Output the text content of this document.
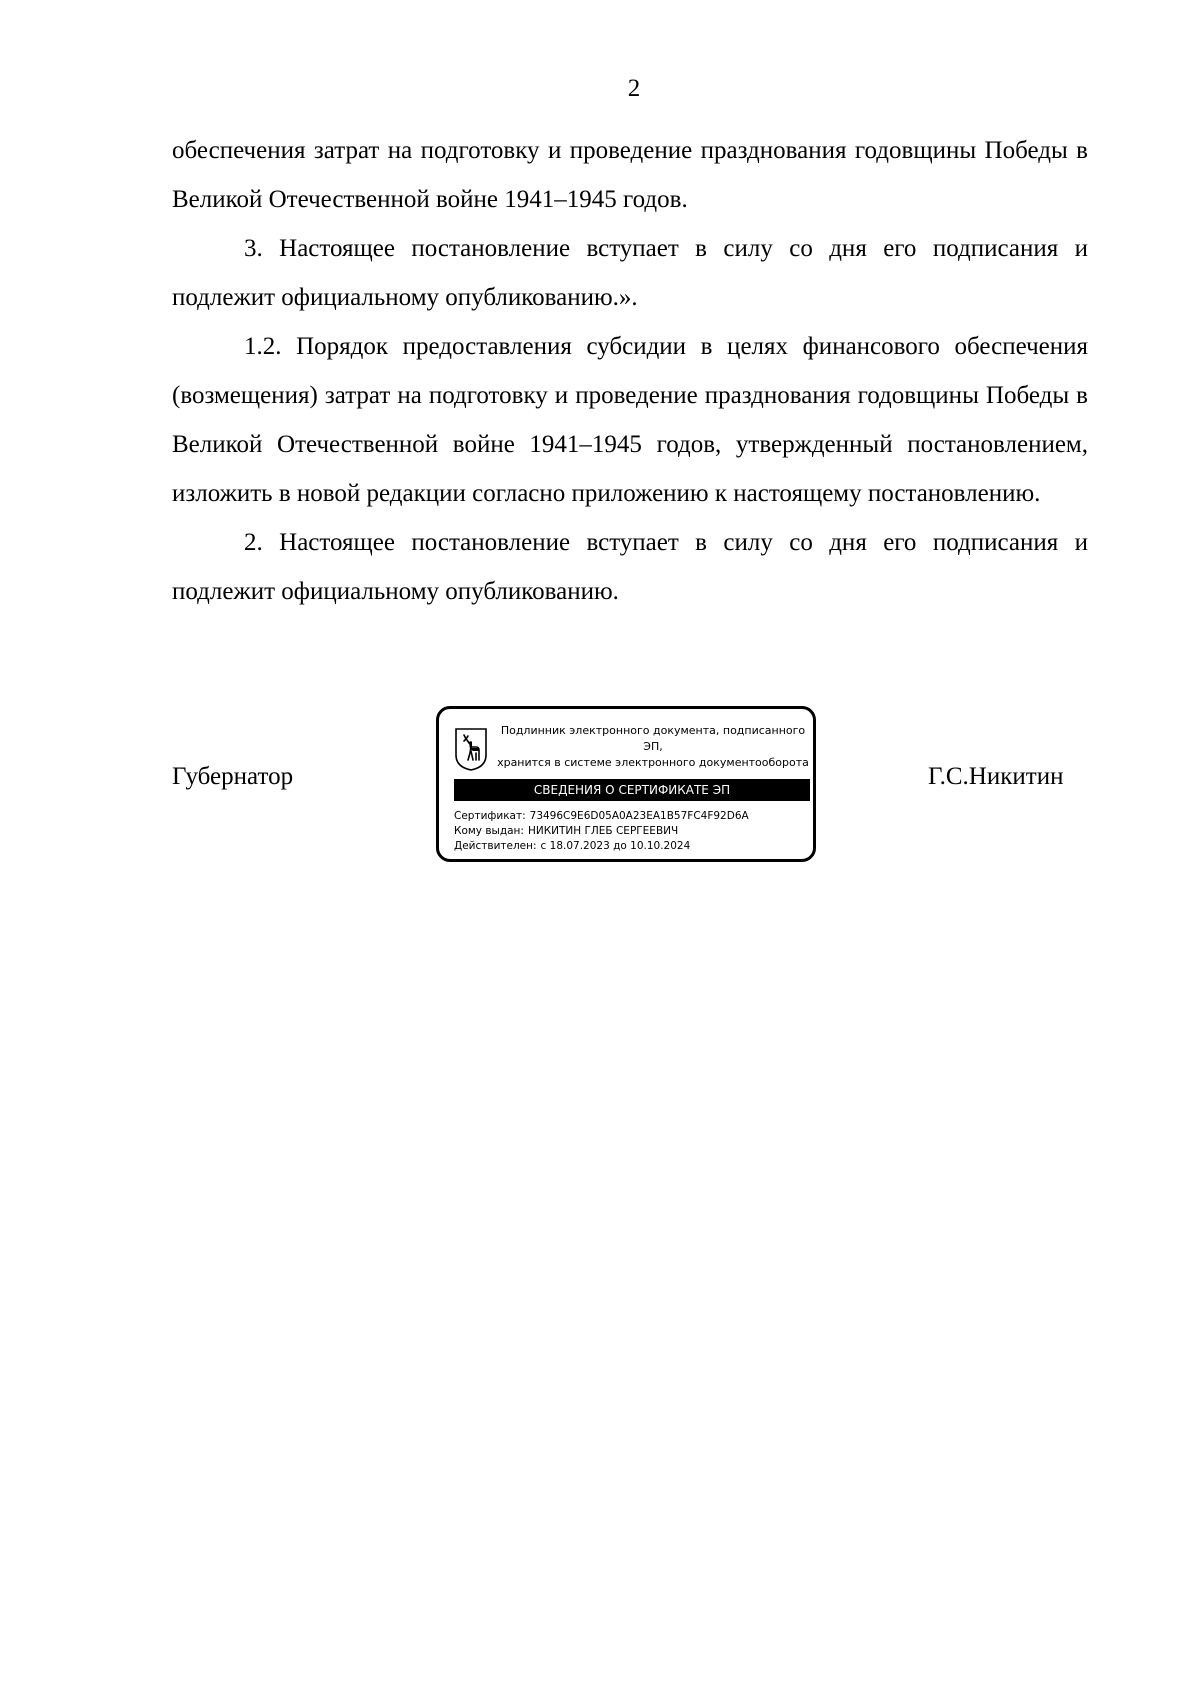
2

обеспечения затрат на подготовку и проведение празднования годовщины Победы в Великой Отечественной войне 1941–1945 годов.

3. Настоящее постановление вступает в силу со дня его подписания и подлежит официальному опубликованию.».

1.2. Порядок предоставления субсидии в целях финансового обеспечения (возмещения) затрат на подготовку и проведение празднования годовщины Победы в Великой Отечественной войне 1941–1945 годов, утвержденный постановлением, изложить в новой редакции согласно приложению к настоящему постановлению.

2. Настоящее постановление вступает в силу со дня его подписания и подлежит официальному опубликованию.

Губернатор	Г.С.Никитин
Подлинник электронного документа, подписанного ЭП,
хранится в системе электронного документооборота
СВЕДЕНИЯ О СЕРТИФИКАТЕ ЭП
Сертификат: 73496C9E6D05A0A23EA1B57FC4F92D6A
Кому выдан: НИКИТИН ГЛЕБ СЕРГЕЕВИЧ
Действителен: с 18.07.2023 до 10.10.2024
